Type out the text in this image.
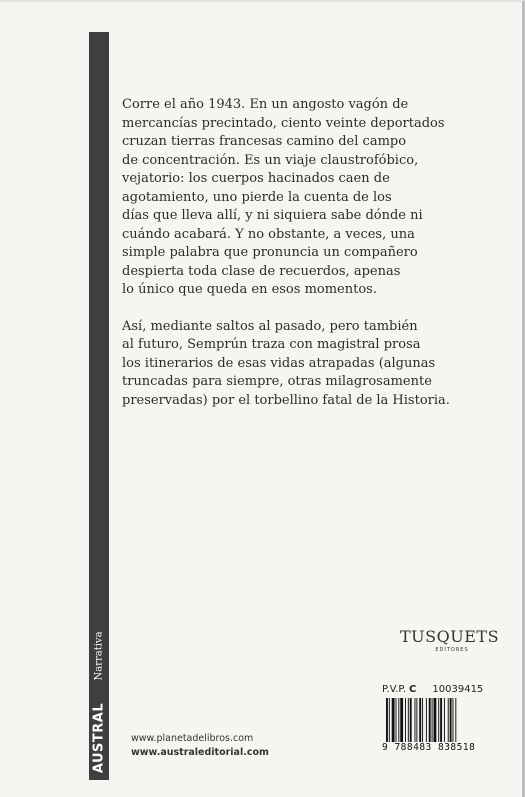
Narrativa
AUSTRAL

Corre el año 1943. En un angosto vagón de
mercancías precintado, ciento veinte deportados
cruzan tierras francesas camino del campo
de concentración. Es un viaje claustrofóbico,
vejatorio: los cuerpos hacinados caen de
agotamiento, uno pierde la cuenta de los
días que lleva allí, y ni siquiera sabe dónde ni
cuándo acabará. Y no obstante, a veces, una
simple palabra que pronuncia un compañero
despierta toda clase de recuerdos, apenas
lo único que queda en esos momentos.

Así, mediante saltos al pasado, pero también
al futuro, Semprún traza con magistral prosa
los itinerarios de esas vidas atrapadas (algunas
truncadas para siempre, otras milagrosamente
preservadas) por el torbellino fatal de la Historia.

TUSQUETS
EDITORES
P.V.P. C 10039415
9 788483 838518
www.planetadelibros.com
www.australeditorial.com
